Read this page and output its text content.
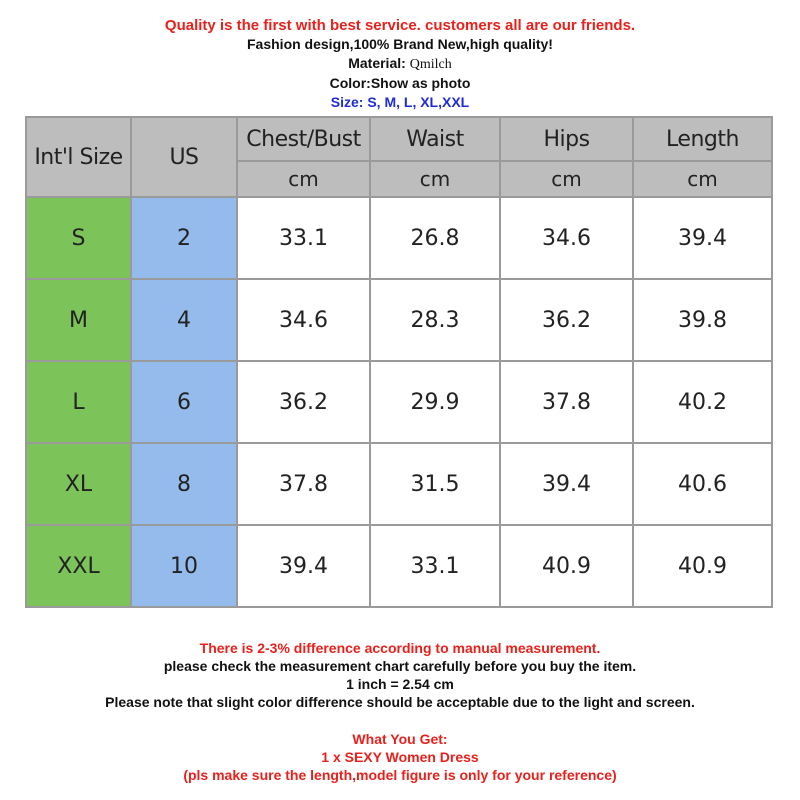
Quality is the first with best service. customers all are our friends.
Fashion design,100% Brand New,high quality!
Material: Qmilch
Color:Show as photo
Size: S, M, L, XL,XXL
Int'l Size	US	Chest/Bust	Waist	Hips	Length
		cm	cm	cm	cm
S	2	33.1	26.8	34.6	39.4
M	4	34.6	28.3	36.2	39.8
L	6	36.2	29.9	37.8	40.2
XL	8	37.8	31.5	39.4	40.6
XXL	10	39.4	33.1	40.9	40.9
There is 2-3% difference according to manual measurement.
please check the measurement chart carefully before you buy the item.
1 inch = 2.54 cm
Please note that slight color difference should be acceptable due to the light and screen.
What You Get:
1 x SEXY Women Dress
(pls make sure the length,model figure is only for your reference)
